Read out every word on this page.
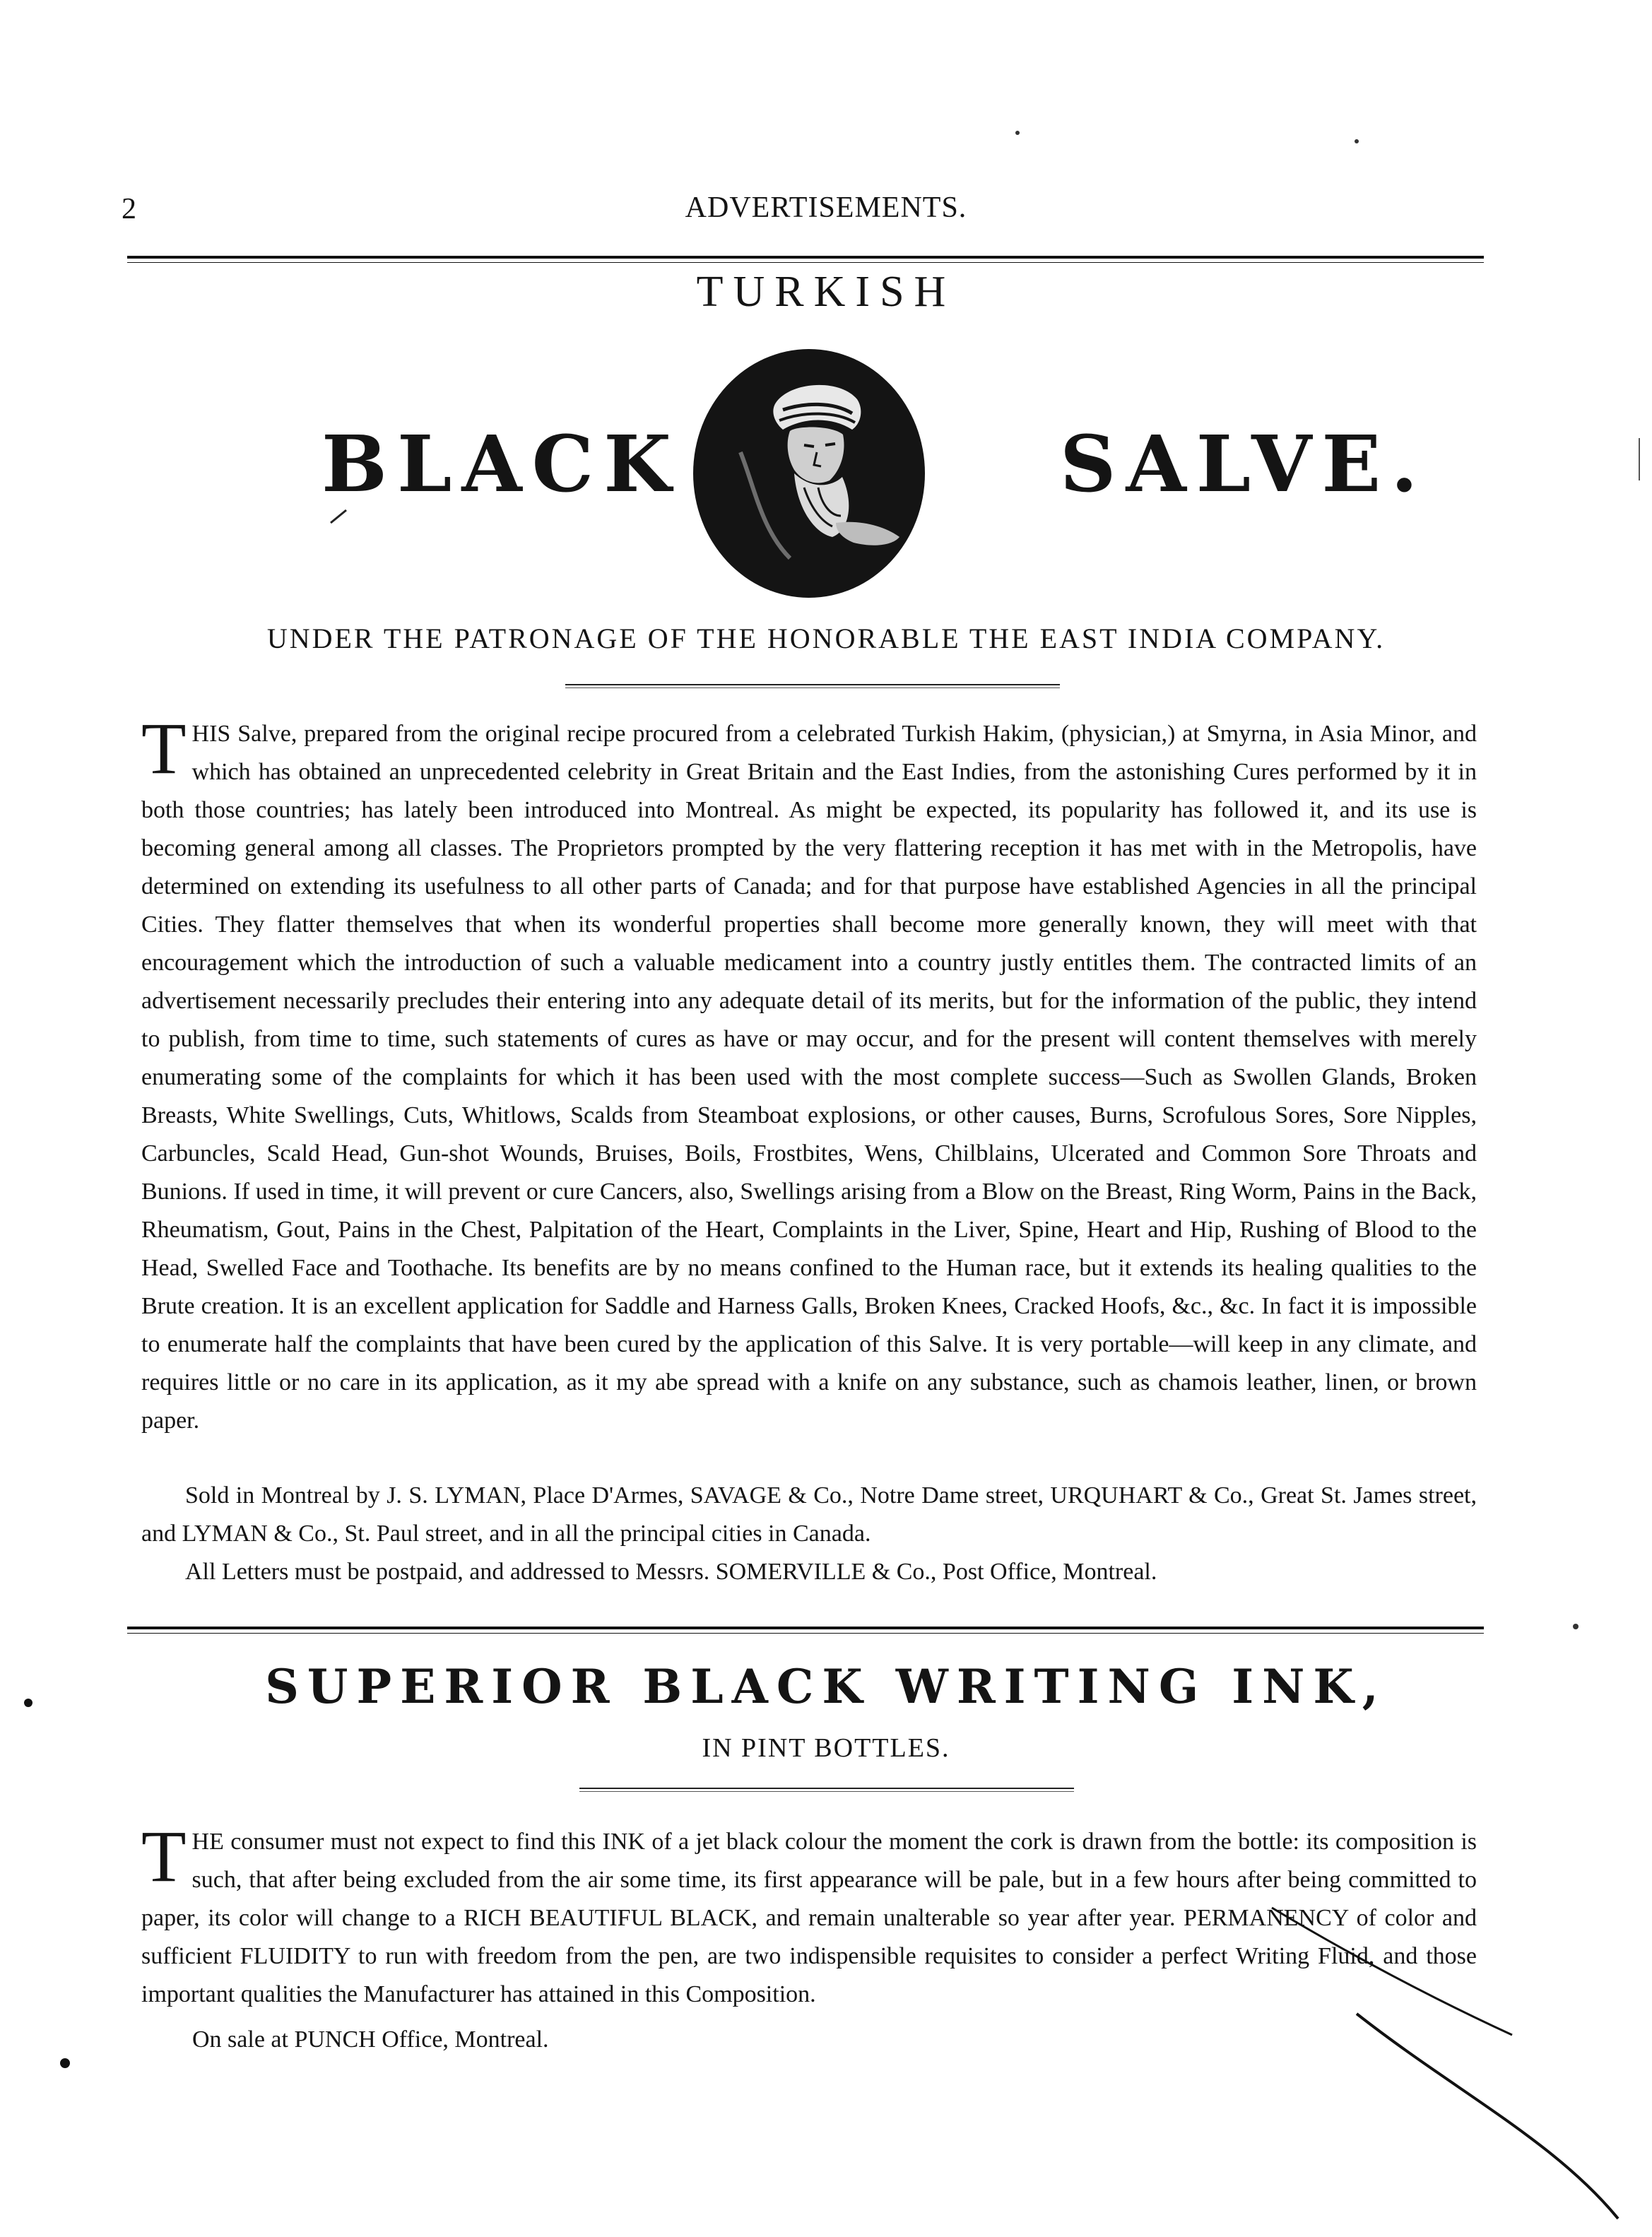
2	ADVERTISEMENTS.
TURKISH
BLACK	SALVE.
UNDER THE PATRONAGE OF THE HONORABLE THE EAST INDIA COMPANY.
THIS Salve, prepared from the original recipe procured from a celebrated Turkish Hakim, (physician,) at Smyrna, in Asia Minor, and which has obtained an unprecedented celebrity in Great Britain and the East Indies, from the astonishing Cures performed by it in both those countries; has lately been introduced into Montreal. As might be expected, its popularity has followed it, and its use is becoming general among all classes. The Proprietors prompted by the very flattering reception it has met with in the Metropolis, have determined on extending its usefulness to all other parts of Canada; and for that purpose have established Agencies in all the principal Cities. They flatter themselves that when its wonderful properties shall become more generally known, they will meet with that encouragement which the introduction of such a valuable medicament into a country justly entitles them. The contracted limits of an advertisement necessarily precludes their entering into any adequate detail of its merits, but for the information of the public, they intend to publish, from time to time, such statements of cures as have or may occur, and for the present will content themselves with merely enumerating some of the complaints for which it has been used with the most complete success—Such as Swollen Glands, Broken Breasts, White Swellings, Cuts, Whitlows, Scalds from Steamboat explosions, or other causes, Burns, Scrofulous Sores, Sore Nipples, Carbuncles, Scald Head, Gun-shot Wounds, Bruises, Boils, Frostbites, Wens, Chilblains, Ulcerated and Common Sore Throats and Bunions. If used in time, it will prevent or cure Cancers, also, Swellings arising from a Blow on the Breast, Ring Worm, Pains in the Back, Rheumatism, Gout, Pains in the Chest, Palpitation of the Heart, Complaints in the Liver, Spine, Heart and Hip, Rushing of Blood to the Head, Swelled Face and Toothache. Its benefits are by no means confined to the Human race, but it extends its healing qualities to the Brute creation. It is an excellent application for Saddle and Harness Galls, Broken Knees, Cracked Hoofs, &c., &c. In fact it is impossible to enumerate half the complaints that have been cured by the application of this Salve. It is very portable—will keep in any climate, and requires little or no care in its application, as it my abe spread with a knife on any substance, such as chamois leather, linen, or brown paper.
Sold in Montreal by J. S. LYMAN, Place D'Armes, SAVAGE & Co., Notre Dame street, URQUHART & Co., Great St. James street, and LYMAN & Co., St. Paul street, and in all the principal cities in Canada.
All Letters must be postpaid, and addressed to Messrs. SOMERVILLE & Co., Post Office, Montreal.
SUPERIOR BLACK WRITING INK,
IN PINT BOTTLES.
THE consumer must not expect to find this INK of a jet black colour the moment the cork is drawn from the bottle: its composition is such, that after being excluded from the air some time, its first appearance will be pale, but in a few hours after being committed to paper, its color will change to a RICH BEAUTIFUL BLACK, and remain unalterable so year after year. PERMANENCY of color and sufficient FLUIDITY to run with freedom from the pen, are two indispensible requisites to consider a perfect Writing Fluid, and those important qualities the Manufacturer has attained in this Composition.
On sale at PUNCH Office, Montreal.
